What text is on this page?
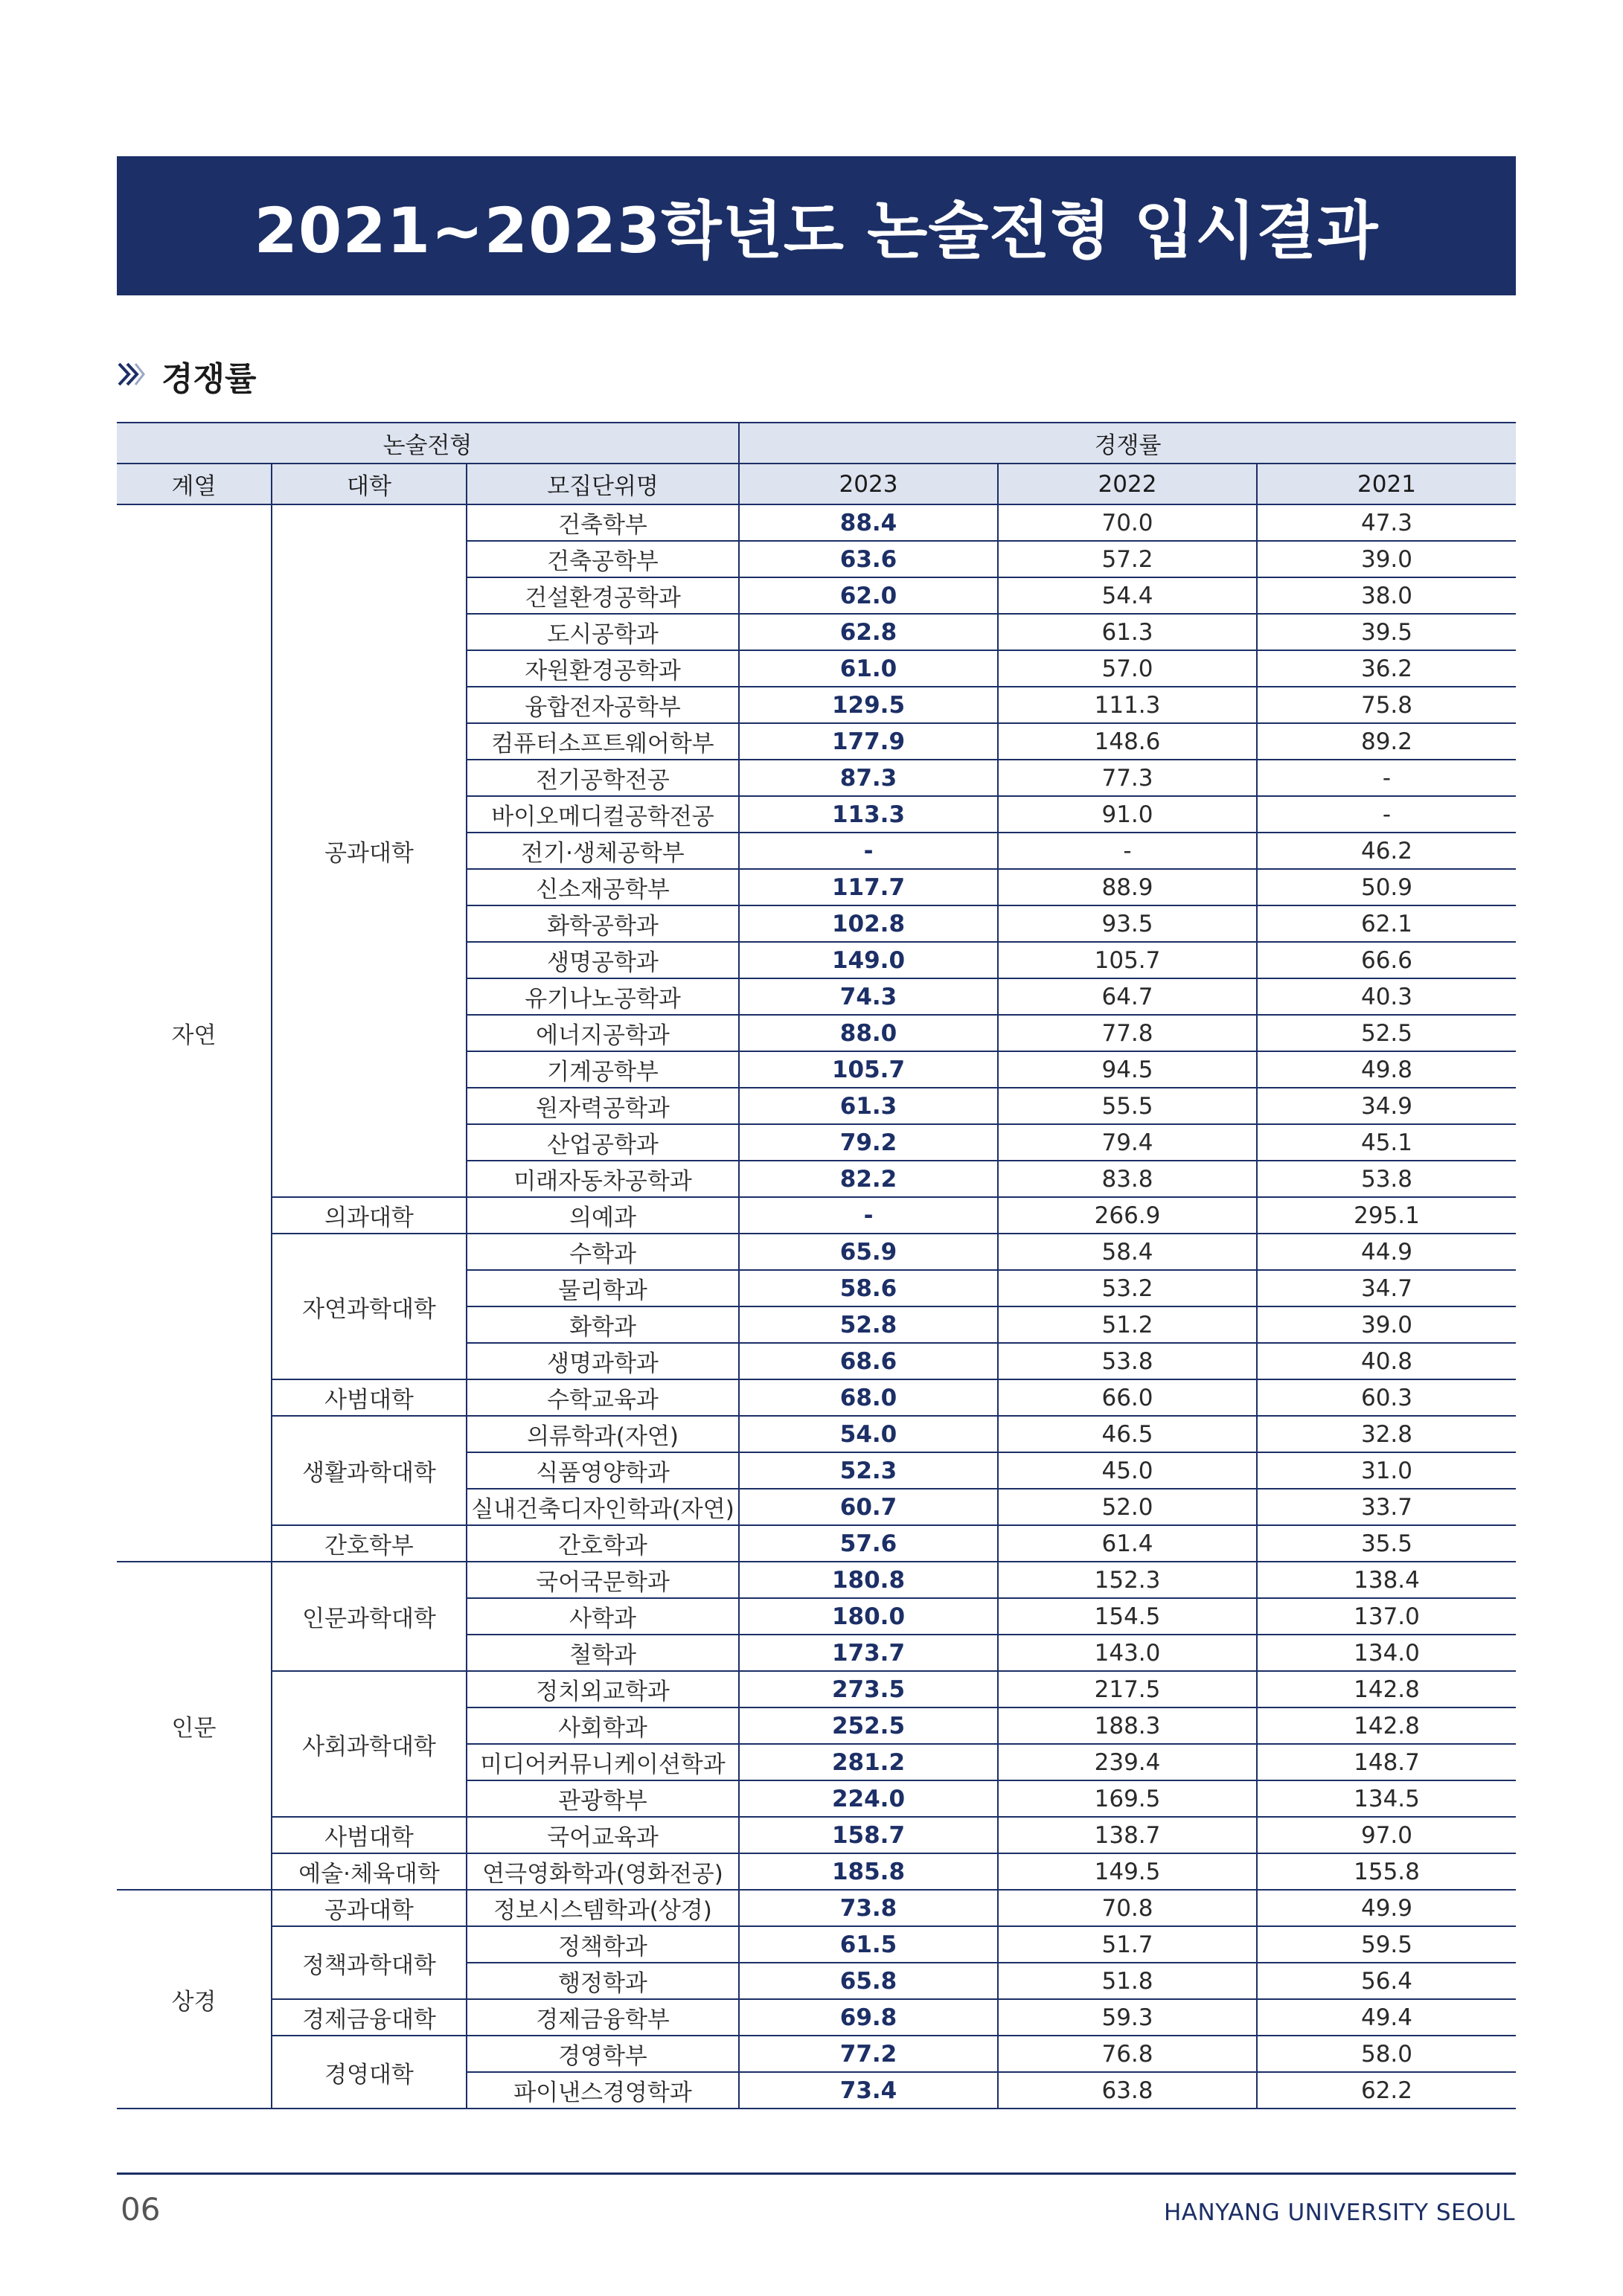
2021~2023학년도 논술전형 입시결과
경쟁률
논술전형			경쟁률		
계열	대학	모집단위명	2023	2022	2021
자연	공과대학	건축학부	88.4	70.0	47.3
		건축공학부	63.6	57.2	39.0
		건설환경공학과	62.0	54.4	38.0
		도시공학과	62.8	61.3	39.5
		자원환경공학과	61.0	57.0	36.2
		융합전자공학부	129.5	111.3	75.8
		컴퓨터소프트웨어학부	177.9	148.6	89.2
		전기공학전공	87.3	77.3	-
		바이오메디컬공학전공	113.3	91.0	-
		전기·생체공학부	-	-	46.2
		신소재공학부	117.7	88.9	50.9
		화학공학과	102.8	93.5	62.1
		생명공학과	149.0	105.7	66.6
		유기나노공학과	74.3	64.7	40.3
		에너지공학과	88.0	77.8	52.5
		기계공학부	105.7	94.5	49.8
		원자력공학과	61.3	55.5	34.9
		산업공학과	79.2	79.4	45.1
		미래자동차공학과	82.2	83.8	53.8
	의과대학	의예과	-	266.9	295.1
	자연과학대학	수학과	65.9	58.4	44.9
		물리학과	58.6	53.2	34.7
		화학과	52.8	51.2	39.0
		생명과학과	68.6	53.8	40.8
	사범대학	수학교육과	68.0	66.0	60.3
	생활과학대학	의류학과(자연)	54.0	46.5	32.8
		식품영양학과	52.3	45.0	31.0
		실내건축디자인학과(자연)	60.7	52.0	33.7
	간호학부	간호학과	57.6	61.4	35.5
인문	인문과학대학	국어국문학과	180.8	152.3	138.4
		사학과	180.0	154.5	137.0
		철학과	173.7	143.0	134.0
	사회과학대학	정치외교학과	273.5	217.5	142.8
		사회학과	252.5	188.3	142.8
		미디어커뮤니케이션학과	281.2	239.4	148.7
		관광학부	224.0	169.5	134.5
	사범대학	국어교육과	158.7	138.7	97.0
	예술·체육대학	연극영화학과(영화전공)	185.8	149.5	155.8
상경	공과대학	정보시스템학과(상경)	73.8	70.8	49.9
	정책과학대학	정책학과	61.5	51.7	59.5
		행정학과	65.8	51.8	56.4
	경제금융대학	경제금융학부	69.8	59.3	49.4
	경영대학	경영학부	77.2	76.8	58.0
		파이낸스경영학과	73.4	63.8	62.2
06	HANYANG UNIVERSITY SEOUL
